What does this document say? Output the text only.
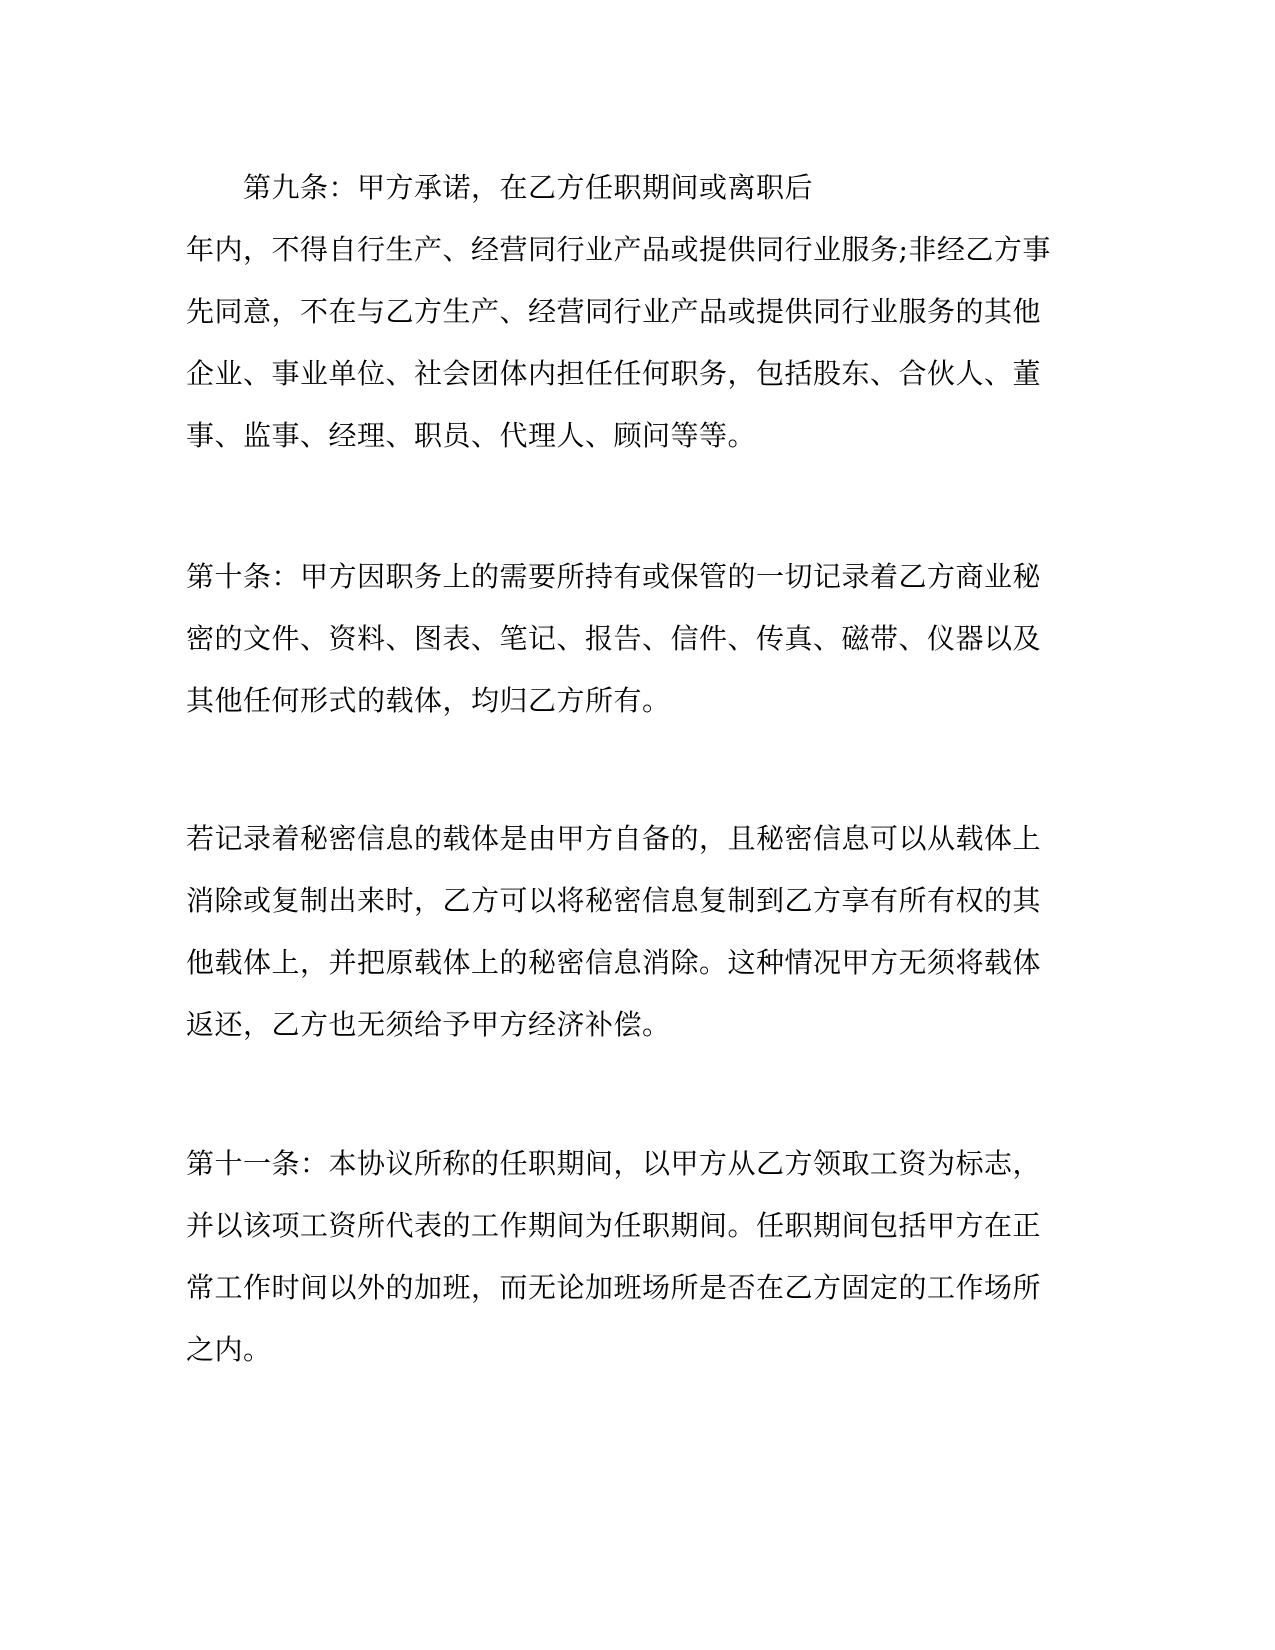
第九条：甲方承诺，在乙方任职期间或离职后
年内，不得自行生产、经营同行业产品或提供同行业服务;非经乙方事
先同意，不在与乙方生产、经营同行业产品或提供同行业服务的其他
企业、事业单位、社会团体内担任任何职务，包括股东、合伙人、董
事、监事、经理、职员、代理人、顾问等等。
第十条：甲方因职务上的需要所持有或保管的一切记录着乙方商业秘
密的文件、资料、图表、笔记、报告、信件、传真、磁带、仪器以及
其他任何形式的载体，均归乙方所有。
若记录着秘密信息的载体是由甲方自备的，且秘密信息可以从载体上
消除或复制出来时，乙方可以将秘密信息复制到乙方享有所有权的其
他载体上，并把原载体上的秘密信息消除。这种情况甲方无须将载体
返还，乙方也无须给予甲方经济补偿。
第十一条：本协议所称的任职期间，以甲方从乙方领取工资为标志，
并以该项工资所代表的工作期间为任职期间。任职期间包括甲方在正
常工作时间以外的加班，而无论加班场所是否在乙方固定的工作场所
之内。
